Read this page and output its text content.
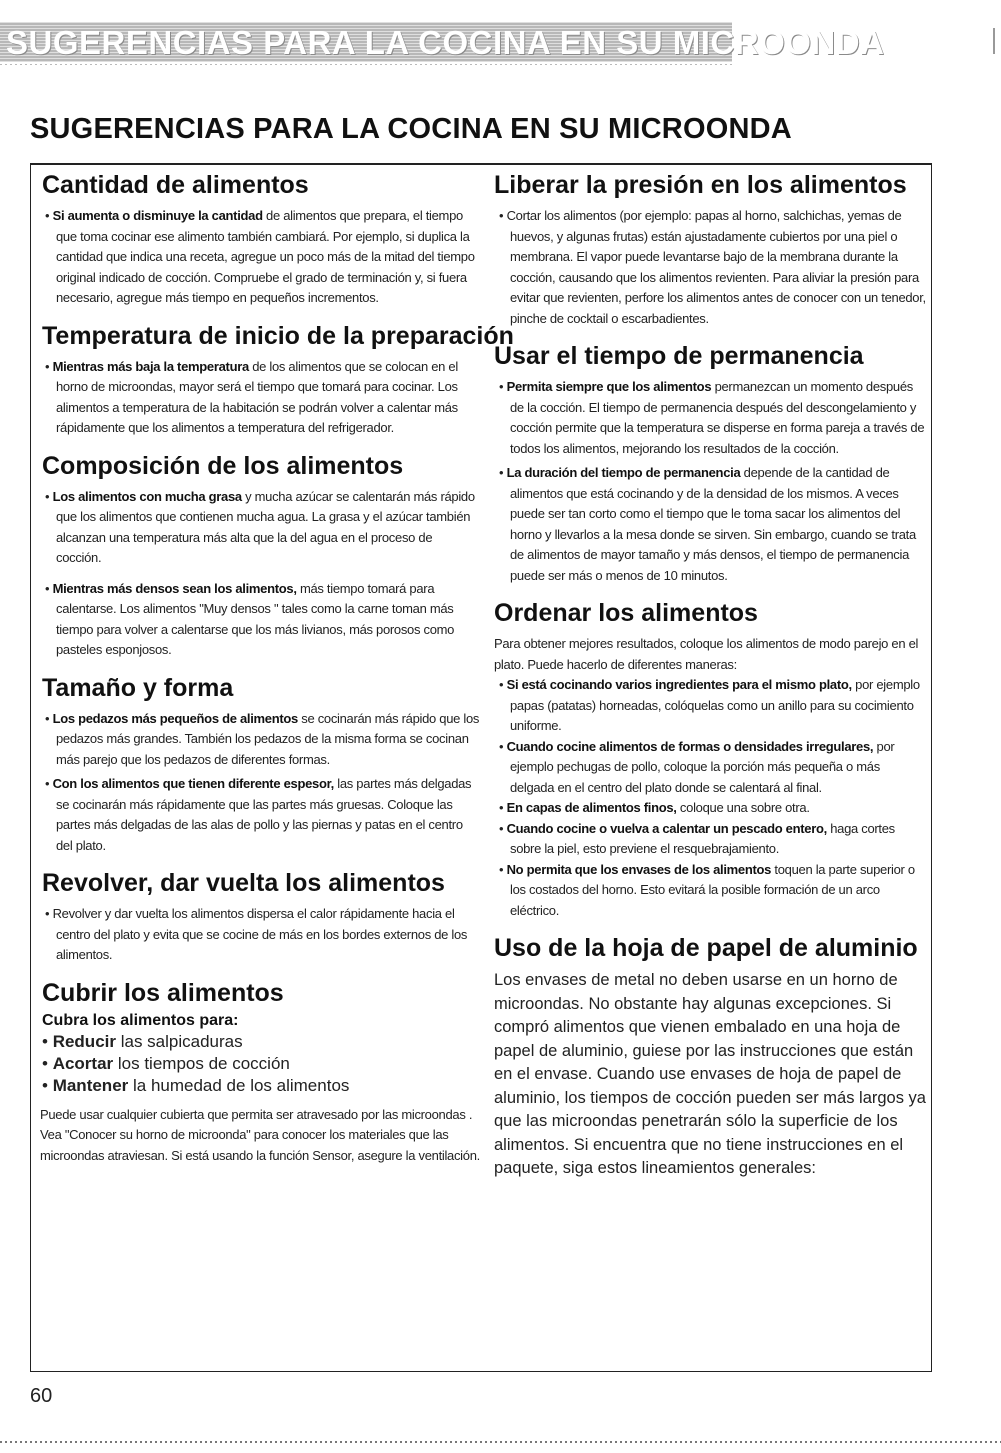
SUGERENCIAS PARA LA COCINA EN SU MICROONDA
SUGERENCIAS PARA LA COCINA EN SU MICROONDA
Cantidad de alimentos

• Si aumenta o disminuye la cantidad de alimentos que prepara, el tiempo que toma cocinar ese alimento también cambiará. Por ejemplo, si duplica la cantidad que indica una receta, agregue un poco más de la mitad del tiempo original indicado de cocción. Compruebe el grado de terminación y, si fuera necesario, agregue más tiempo en pequeños incrementos.

Temperatura de inicio de la preparación

• Mientras más baja la temperatura de los alimentos que se colocan en el horno de microondas, mayor será el tiempo que tomará para cocinar. Los alimentos a temperatura de la habitación se podrán volver a calentar más rápidamente que los alimentos a temperatura del refrigerador.

Composición de los alimentos

• Los alimentos con mucha grasa y mucha azúcar se calentarán más rápido que los alimentos que contienen mucha agua. La grasa y el azúcar también alcanzan una temperatura más alta que la del agua en el proceso de cocción.

• Mientras más densos sean los alimentos, más tiempo tomará para calentarse. Los alimentos "Muy densos " tales como la carne toman más tiempo para volver a calentarse que los más livianos, más porosos como pasteles esponjosos.

Tamaño y forma

• Los pedazos más pequeños de alimentos se cocinarán más rápido que los pedazos más grandes. También los pedazos de la misma forma se cocinan más parejo que los pedazos de diferentes formas.

• Con los alimentos que tienen diferente espesor, las partes más delgadas se cocinarán más rápidamente que las partes más gruesas. Coloque las partes más delgadas de las alas de pollo y las piernas y patas en el centro del plato.

Revolver, dar vuelta los alimentos

• Revolver y dar vuelta los alimentos dispersa el calor rápidamente hacia el centro del plato y evita que se cocine de más en los bordes externos de los alimentos.

Cubrir los alimentos
Cubra los alimentos para:
• Reducir las salpicaduras
• Acortar los tiempos de cocción
• Mantener la humedad de los alimentos

Puede usar cualquier cubierta que permita ser atravesado por las microondas . Vea "Conocer su horno de microonda" para conocer los materiales que las microondas atraviesan. Si está usando la función Sensor, asegure la ventilación.

Liberar la presión en los alimentos

• Cortar los alimentos (por ejemplo: papas al horno, salchichas, yemas de huevos, y algunas frutas) están ajustadamente cubiertos por una piel o membrana. El vapor puede levantarse bajo de la membrana durante la cocción, causando que los alimentos revienten. Para aliviar la presión para evitar que revienten, perfore los alimentos antes de conocer con un tenedor, pinche de cocktail o escarbadientes.

Usar el tiempo de permanencia

• Permita siempre que los alimentos permanezcan un momento después de la cocción. El tiempo de permanencia después del descongelamiento y cocción permite que la temperatura se disperse en forma pareja a través de todos los alimentos, mejorando los resultados de la cocción.

• La duración del tiempo de permanencia depende de la cantidad de alimentos que está cocinando y de la densidad de los mismos. A veces puede ser tan corto como el tiempo que le toma sacar los alimentos del horno y llevarlos a la mesa donde se sirven. Sin embargo, cuando se trata de alimentos de mayor tamaño y más densos, el tiempo de permanencia puede ser más o menos de 10 minutos.

Ordenar los alimentos

Para obtener mejores resultados, coloque los alimentos de modo parejo en el plato. Puede hacerlo de diferentes maneras:

• Si está cocinando varios ingredientes para el mismo plato, por ejemplo papas (patatas) horneadas, colóquelas como un anillo para su cocimiento uniforme.

• Cuando cocine alimentos de formas o densidades irregulares, por ejemplo pechugas de pollo, coloque la porción más pequeña o más delgada en el centro del plato donde se calentará al final.

• En capas de alimentos finos, coloque una sobre otra.

• Cuando cocine o vuelva a calentar un pescado entero, haga cortes sobre la piel, esto previene el resquebrajamiento.

• No permita que los envases de los alimentos toquen la parte superior o los costados del horno. Esto evitará la posible formación de un arco eléctrico.

Uso de la hoja de papel de aluminio

Los envases de metal no deben usarse en un horno de microondas. No obstante hay algunas excepciones. Si compró alimentos que vienen embalado en una hoja de papel de aluminio, guiese por las instrucciones que están en el envase. Cuando use envases de hoja de papel de aluminio, los tiempos de cocción pueden ser más largos ya que las microondas penetrarán sólo la superficie de los alimentos. Si encuentra que no tiene instrucciones en el paquete, siga estos lineamientos generales:

60
